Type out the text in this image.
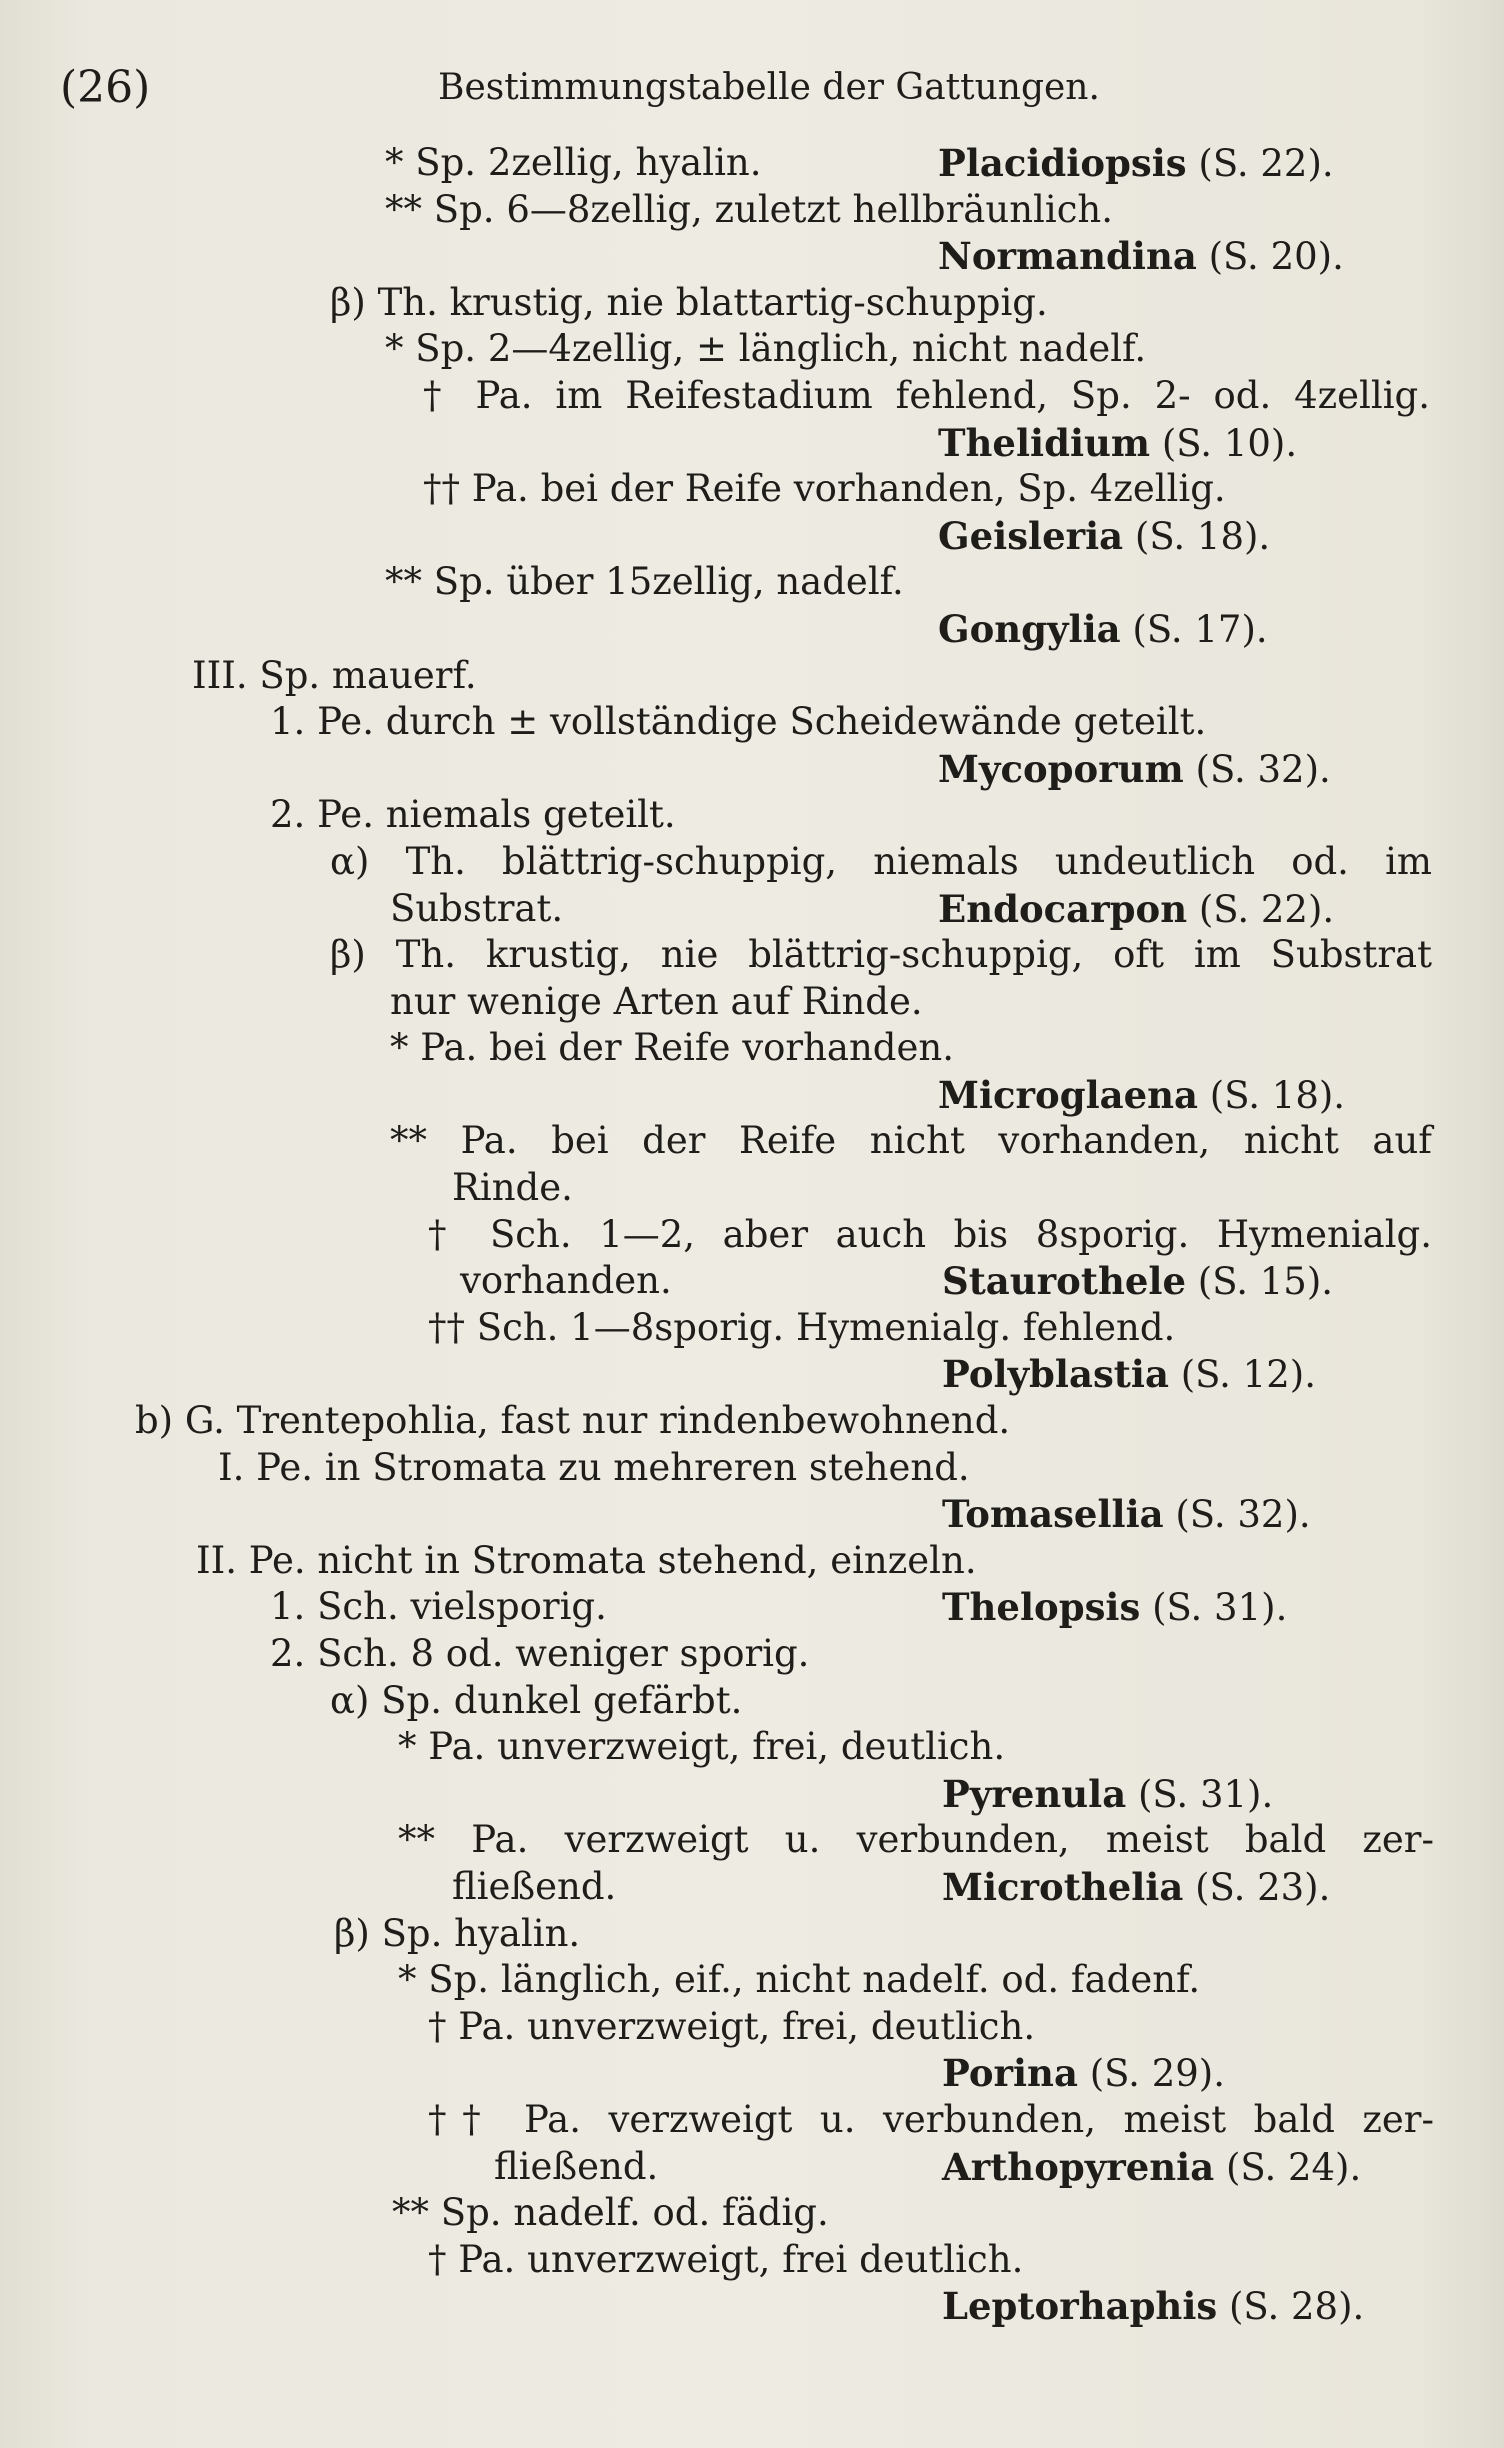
(26)	Bestimmungstabelle der Gattungen.
* Sp. 2zellig, hyalin.	Placidiopsis (S. 22).
** Sp. 6—8zellig, zuletzt hellbräunlich.
Normandina (S. 20).
β) Th. krustig, nie blattartig-schuppig.
* Sp. 2—4zellig, ± länglich, nicht nadelf.
† Pa. im Reifestadium fehlend, Sp. 2- od. 4zellig.
Thelidium (S. 10).
†† Pa. bei der Reife vorhanden, Sp. 4zellig.
Geisleria (S. 18).
** Sp. über 15zellig, nadelf.
Gongylia (S. 17).
III. Sp. mauerf.
1. Pe. durch ± vollständige Scheidewände geteilt.
Mycoporum (S. 32).
2. Pe. niemals geteilt.
α) Th. blättrig-schuppig, niemals undeutlich od. im
Substrat.	Endocarpon (S. 22).
β) Th. krustig, nie blättrig-schuppig, oft im Substrat
nur wenige Arten auf Rinde.
* Pa. bei der Reife vorhanden.
Microglaena (S. 18).
** Pa. bei der Reife nicht vorhanden, nicht auf
Rinde.
† Sch. 1—2, aber auch bis 8sporig. Hymenialg.
vorhanden.	Staurothele (S. 15).
†† Sch. 1—8sporig. Hymenialg. fehlend.
Polyblastia (S. 12).
b) G. Trentepohlia, fast nur rindenbewohnend.
I. Pe. in Stromata zu mehreren stehend.
Tomasellia (S. 32).
II. Pe. nicht in Stromata stehend, einzeln.
1. Sch. vielsporig.	Thelopsis (S. 31).
2. Sch. 8 od. weniger sporig.
α) Sp. dunkel gefärbt.
* Pa. unverzweigt, frei, deutlich.
Pyrenula (S. 31).
** Pa. verzweigt u. verbunden, meist bald zer-
fließend.	Microthelia (S. 23).
β) Sp. hyalin.
* Sp. länglich, eif., nicht nadelf. od. fadenf.
† Pa. unverzweigt, frei, deutlich.
Porina (S. 29).
†† Pa. verzweigt u. verbunden, meist bald zer-
fließend.	Arthopyrenia (S. 24).
** Sp. nadelf. od. fädig.
† Pa. unverzweigt, frei deutlich.
Leptorhaphis (S. 28).
